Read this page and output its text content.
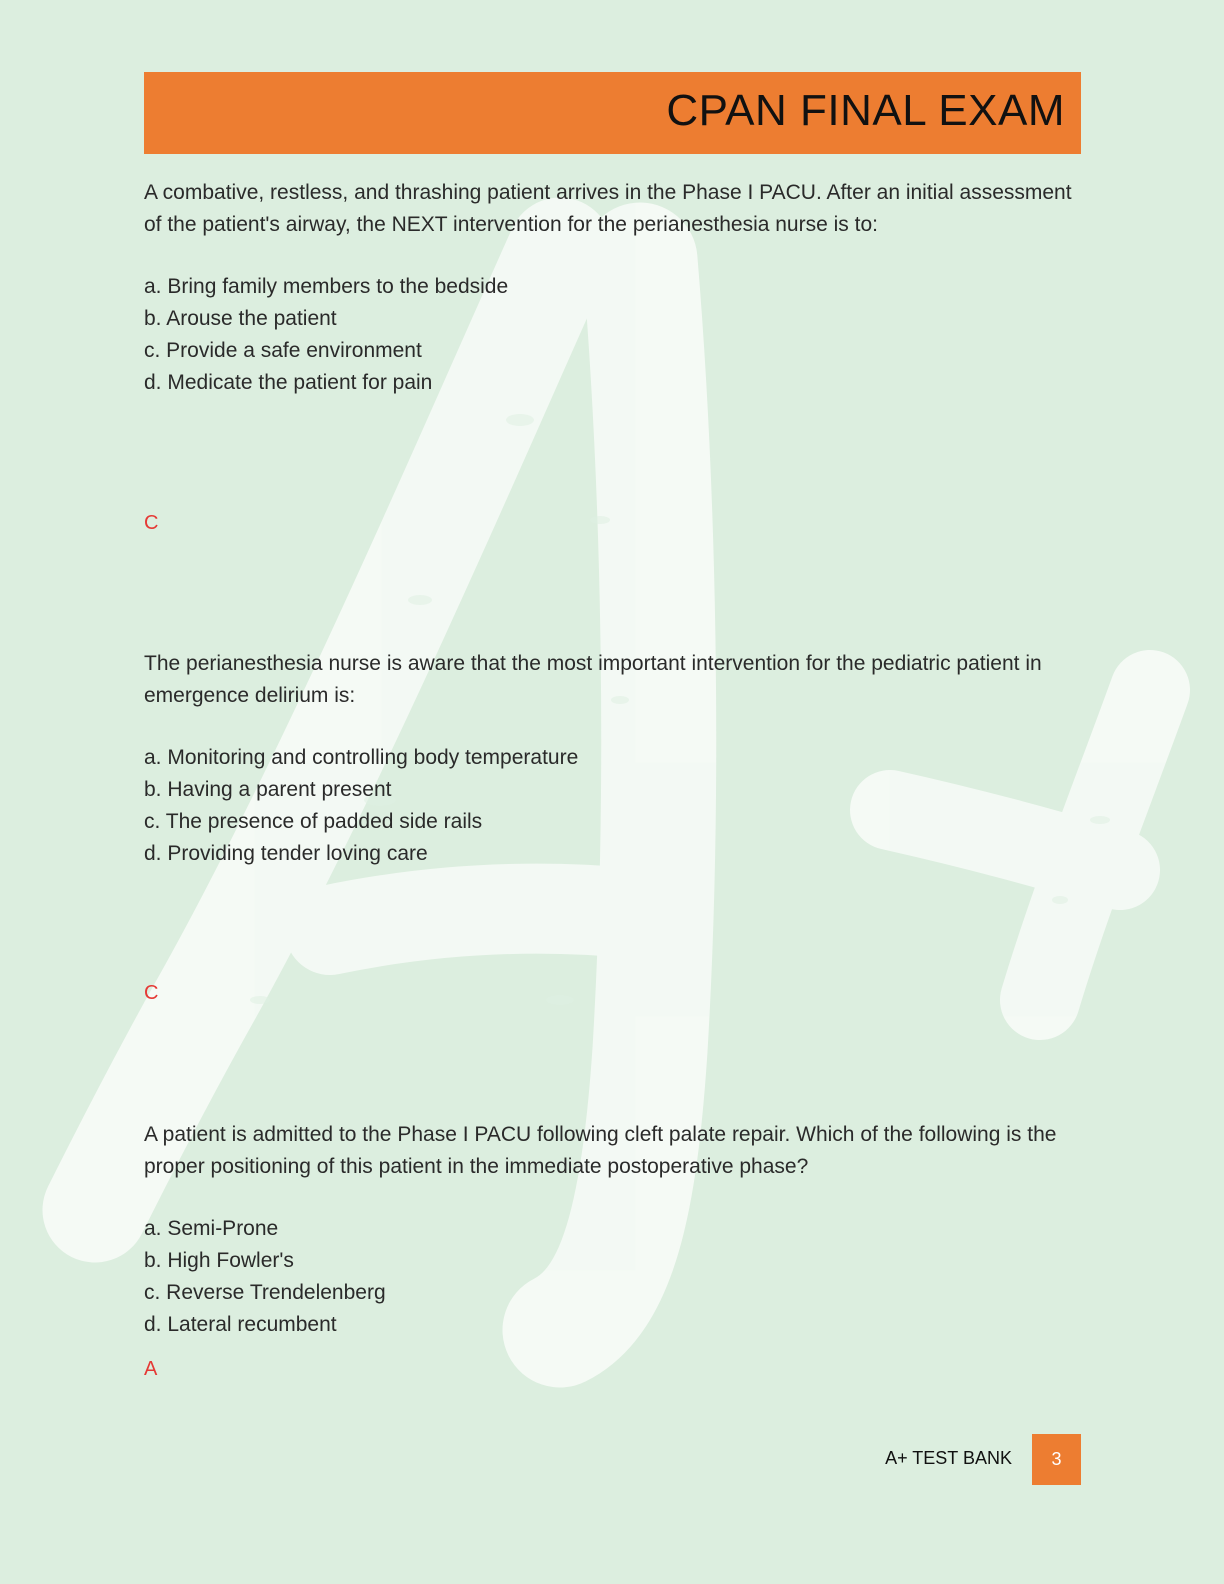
CPAN FINAL EXAM

A combative, restless, and thrashing patient arrives in the Phase I PACU. After an initial assessment of the patient's airway, the NEXT intervention for the perianesthesia nurse is to:

a. Bring family members to the bedside
b. Arouse the patient
c. Provide a safe environment
d. Medicate the patient for pain
C

The perianesthesia nurse is aware that the most important intervention for the pediatric patient in emergence delirium is:

a. Monitoring and controlling body temperature
b. Having a parent present
c. The presence of padded side rails
d. Providing tender loving care
C

A patient is admitted to the Phase I PACU following cleft palate repair. Which of the following is the proper positioning of this patient in the immediate postoperative phase?

a. Semi-Prone
b. High Fowler's
c. Reverse Trendelenberg
d. Lateral recumbent
A
A+ TEST BANK	3
